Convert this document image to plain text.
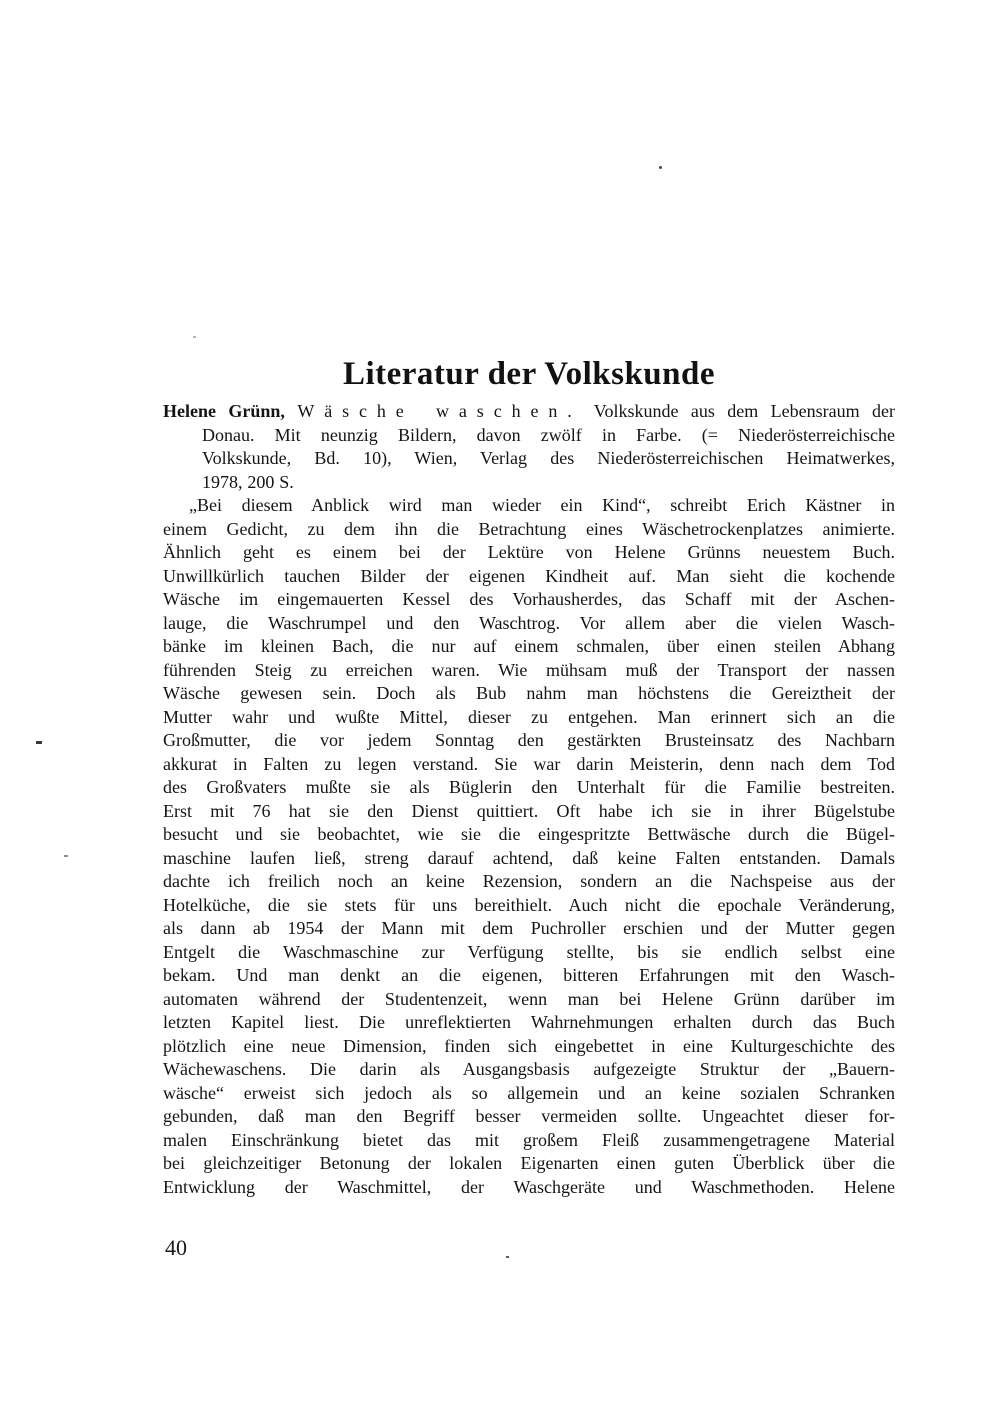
Literatur der Volkskunde
Helene Grünn, Wäsche waschen. Volkskunde aus dem Lebensraum der
Donau. Mit neunzig Bildern, davon zwölf in Farbe. (= Niederösterreichische
Volkskunde, Bd. 10), Wien, Verlag des Niederösterreichischen Heimatwerkes,
1978, 200 S.
„Bei diesem Anblick wird man wieder ein Kind“, schreibt Erich Kästner in
einem Gedicht, zu dem ihn die Betrachtung eines Wäschetrockenplatzes animierte.
Ähnlich geht es einem bei der Lektüre von Helene Grünns neuestem Buch.
Unwillkürlich tauchen Bilder der eigenen Kindheit auf. Man sieht die kochende
Wäsche im eingemauerten Kessel des Vorhausherdes, das Schaff mit der Aschen-
lauge, die Waschrumpel und den Waschtrog. Vor allem aber die vielen Wasch-
bänke im kleinen Bach, die nur auf einem schmalen, über einen steilen Abhang
führenden Steig zu erreichen waren. Wie mühsam muß der Transport der nassen
Wäsche gewesen sein. Doch als Bub nahm man höchstens die Gereiztheit der
Mutter wahr und wußte Mittel, dieser zu entgehen. Man erinnert sich an die
Großmutter, die vor jedem Sonntag den gestärkten Brusteinsatz des Nachbarn
akkurat in Falten zu legen verstand. Sie war darin Meisterin, denn nach dem Tod
des Großvaters mußte sie als Büglerin den Unterhalt für die Familie bestreiten.
Erst mit 76 hat sie den Dienst quittiert. Oft habe ich sie in ihrer Bügelstube
besucht und sie beobachtet, wie sie die eingespritzte Bettwäsche durch die Bügel-
maschine laufen ließ, streng darauf achtend, daß keine Falten entstanden. Damals
dachte ich freilich noch an keine Rezension, sondern an die Nachspeise aus der
Hotelküche, die sie stets für uns bereithielt. Auch nicht die epochale Veränderung,
als dann ab 1954 der Mann mit dem Puchroller erschien und der Mutter gegen
Entgelt die Waschmaschine zur Verfügung stellte, bis sie endlich selbst eine
bekam. Und man denkt an die eigenen, bitteren Erfahrungen mit den Wasch-
automaten während der Studentenzeit, wenn man bei Helene Grünn darüber im
letzten Kapitel liest. Die unreflektierten Wahrnehmungen erhalten durch das Buch
plötzlich eine neue Dimension, finden sich eingebettet in eine Kulturgeschichte des
Wächewaschens. Die darin als Ausgangsbasis aufgezeigte Struktur der „Bauern-
wäsche“ erweist sich jedoch als so allgemein und an keine sozialen Schranken
gebunden, daß man den Begriff besser vermeiden sollte. Ungeachtet dieser for-
malen Einschränkung bietet das mit großem Fleiß zusammengetragene Material
bei gleichzeitiger Betonung der lokalen Eigenarten einen guten Überblick über die
Entwicklung der Waschmittel, der Waschgeräte und Waschmethoden. Helene
40
